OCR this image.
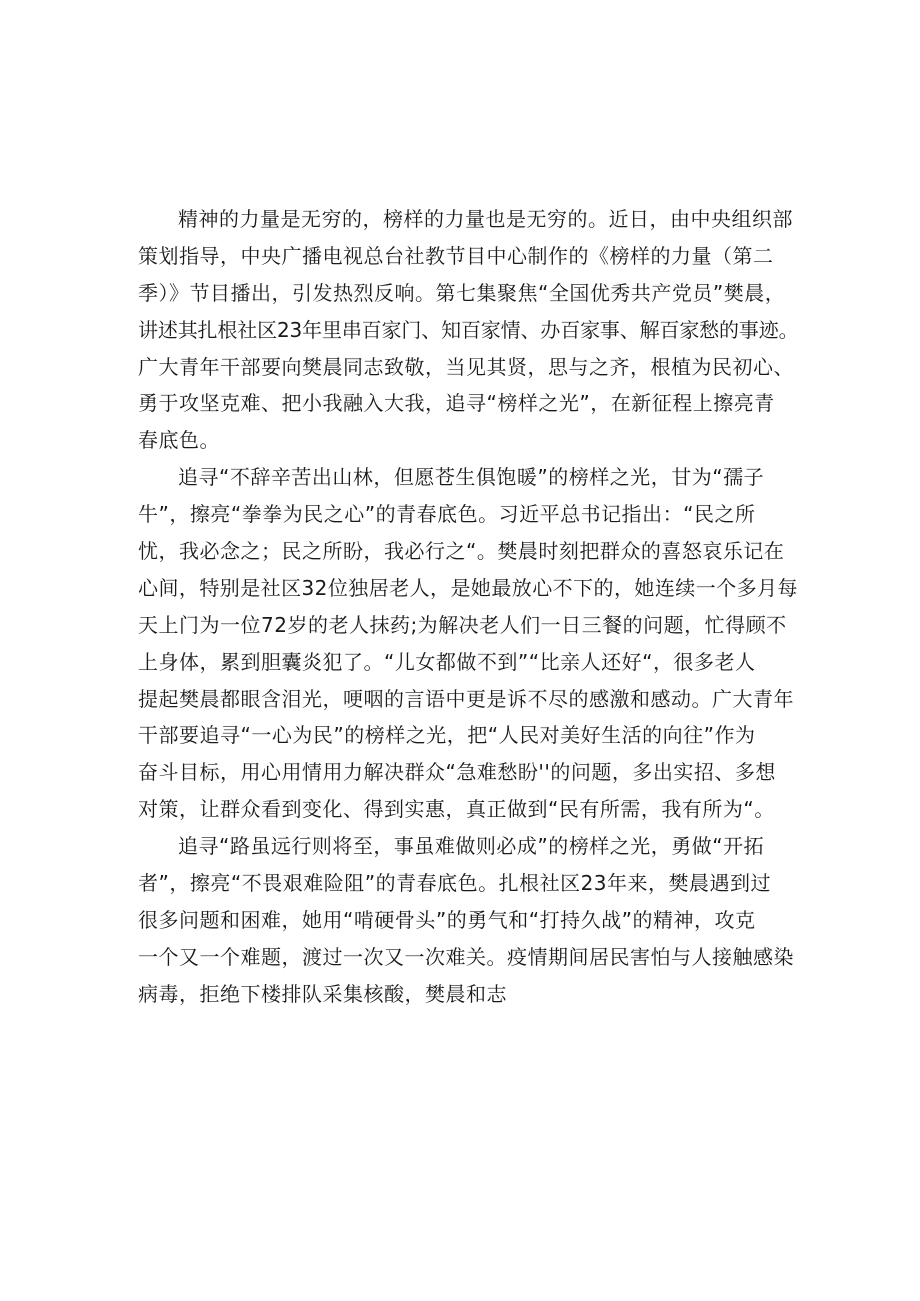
精神的力量是无穷的，榜样的力量也是无穷的。近日，由中央组织部
策划指导，中央广播电视总台社教节目中心制作的《榜样的力量（第二
季）》节目播出，引发热烈反响。第七集聚焦“全国优秀共产党员”樊晨，
讲述其扎根社区23年里串百家门、知百家情、办百家事、解百家愁的事迹。
广大青年干部要向樊晨同志致敬，当见其贤，思与之齐，根植为民初心、
勇于攻坚克难、把小我融入大我，追寻“榜样之光”，在新征程上擦亮青
春底色。
追寻“不辞辛苦出山林，但愿苍生俱饱暖”的榜样之光，甘为“孺子
牛”，擦亮“拳拳为民之心”的青春底色。习近平总书记指出：“民之所
忧，我必念之；民之所盼，我必行之“。樊晨时刻把群众的喜怒哀乐记在
心间，特别是社区32位独居老人，是她最放心不下的，她连续一个多月每
天上门为一位72岁的老人抹药;为解决老人们一日三餐的问题，忙得顾不
上身体，累到胆囊炎犯了。“儿女都做不到”“比亲人还好“，很多老人
提起樊晨都眼含泪光，哽咽的言语中更是诉不尽的感激和感动。广大青年
干部要追寻“一心为民”的榜样之光，把“人民对美好生活的向往”作为
奋斗目标，用心用情用力解决群众“急难愁盼''的问题，多出实招、多想
对策，让群众看到变化、得到实惠，真正做到“民有所需，我有所为“。
追寻“路虽远行则将至，事虽难做则必成”的榜样之光，勇做“开拓
者”，擦亮“不畏艰难险阻”的青春底色。扎根社区23年来，樊晨遇到过
很多问题和困难，她用“啃硬骨头”的勇气和“打持久战”的精神，攻克
一个又一个难题，渡过一次又一次难关。疫情期间居民害怕与人接触感染
病毒，拒绝下楼排队采集核酸，樊晨和志
